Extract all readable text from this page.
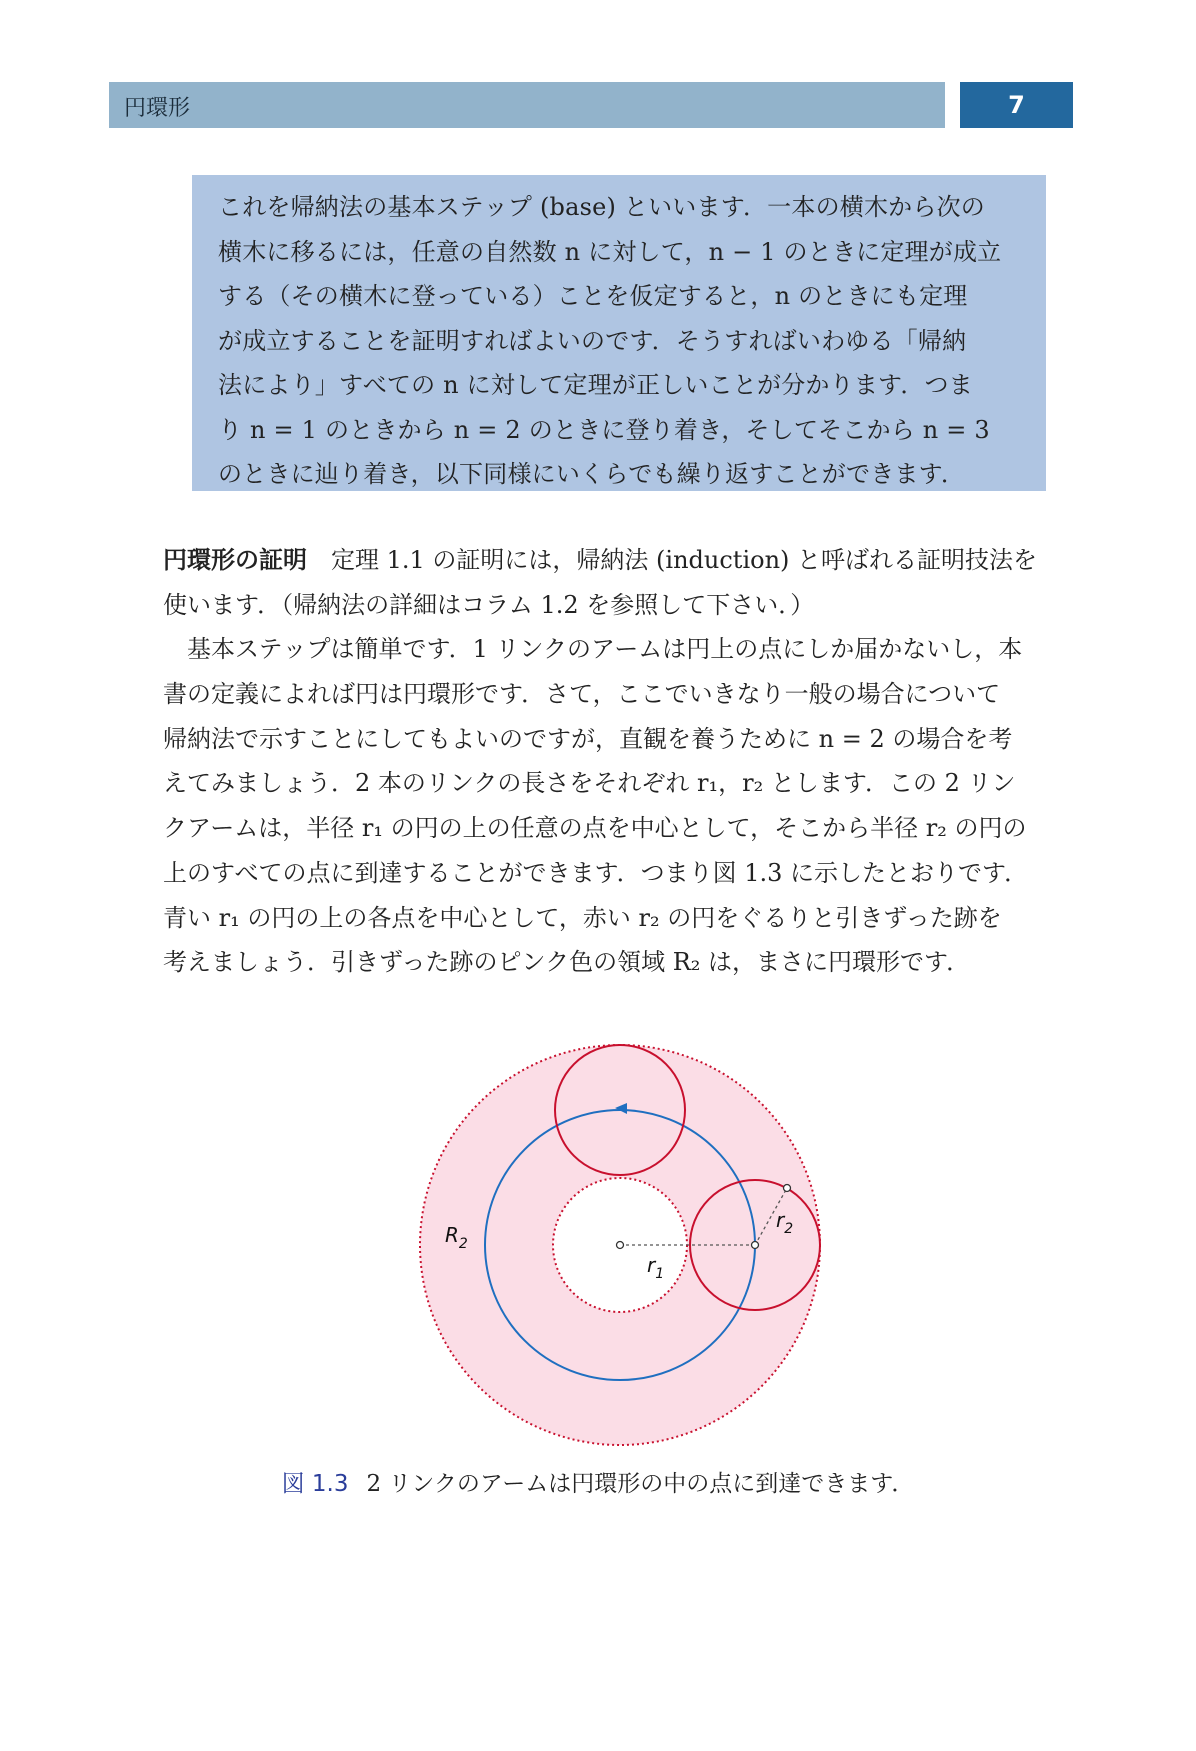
円環形	7
これを帰納法の基本ステップ (base) といいます．一本の横木から次の
横木に移るには，任意の自然数 n に対して，n − 1 のときに定理が成立
する（その横木に登っている）ことを仮定すると，n のときにも定理
が成立することを証明すればよいのです．そうすればいわゆる「帰納
法により」すべての n に対して定理が正しいことが分かります．つま
り n = 1 のときから n = 2 のときに登り着き，そしてそこから n = 3
のときに辿り着き，以下同様にいくらでも繰り返すことができます．
円環形の証明　 定理 1.1 の証明には，帰納法 (induction) と呼ばれる証明技法を
使います．（帰納法の詳細はコラム 1.2 を参照して下さい．）
　基本ステップは簡単です．1 リンクのアームは円上の点にしか届かないし，本
書の定義によれば円は円環形です．さて，ここでいきなり一般の場合について
帰納法で示すことにしてもよいのですが，直観を養うために n = 2 の場合を考
えてみましょう．2 本のリンクの長さをそれぞれ r₁，r₂ とします．この 2 リン
クアームは，半径 r₁ の円の上の任意の点を中心として，そこから半径 r₂ の円の
上のすべての点に到達することができます．つまり図 1.3 に示したとおりです．
青い r₁ の円の上の各点を中心として，赤い r₂ の円をぐるりと引きずった跡を
考えましょう．引きずった跡のピンク色の領域 R₂ は，まさに円環形です．
$R_2$
$r_1$
$r_2$
図 1.3 2 リンクのアームは円環形の中の点に到達できます．
